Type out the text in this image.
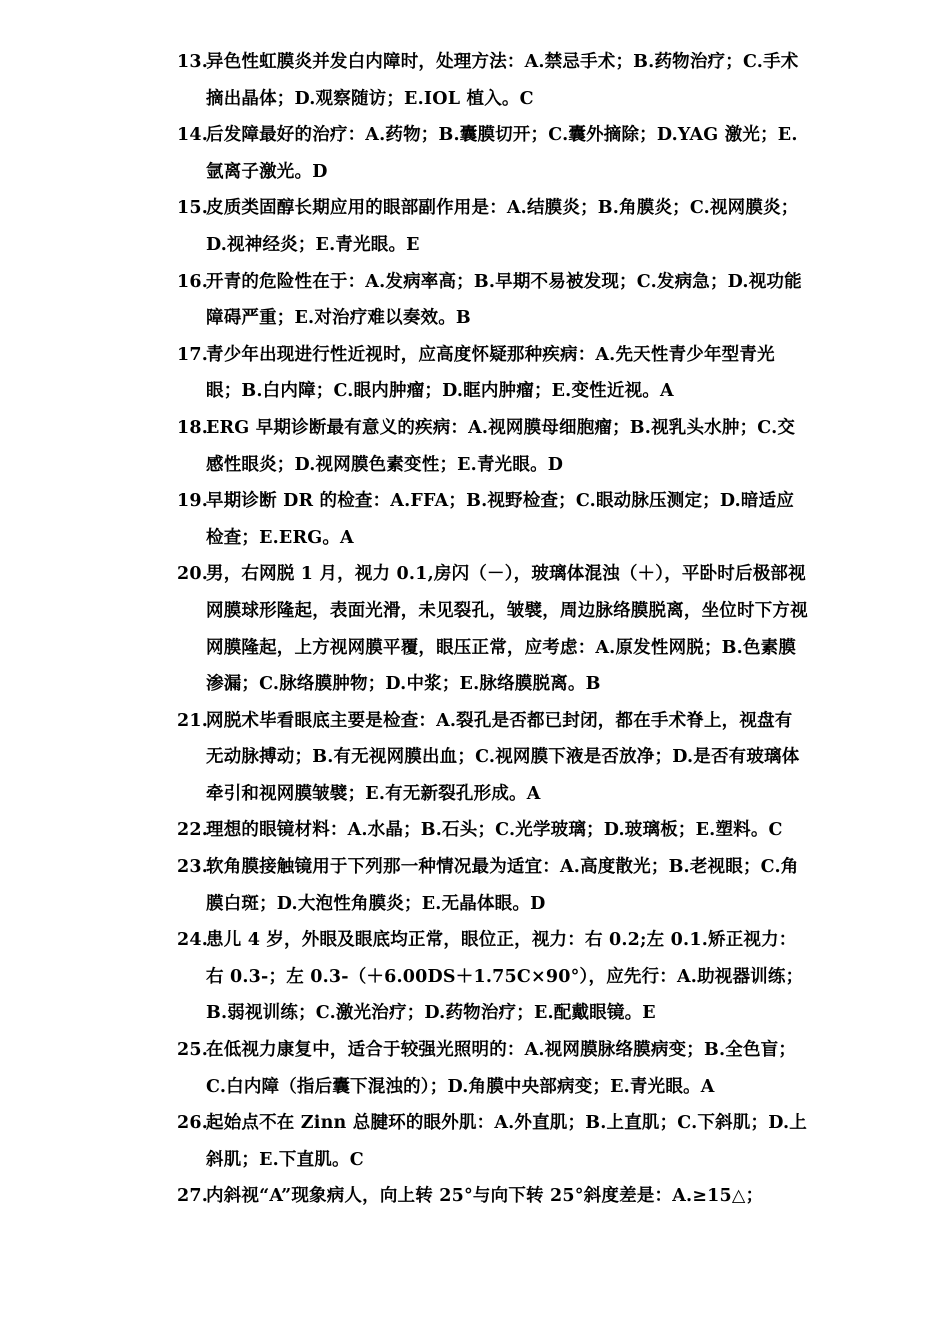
13.
异色性虹膜炎并发白内障时，处理方法：A.禁忌手术；B.药物治疗；C.手术摘出晶体；D.观察随访；E.IOL 植入。C
14.
后发障最好的治疗：A.药物；B.囊膜切开；C.囊外摘除；D.YAG 激光；E.氩离子激光。D
15.
皮质类固醇长期应用的眼部副作用是：A.结膜炎；B.角膜炎；C.视网膜炎；D.视神经炎；E.青光眼。E
16.
开青的危险性在于：A.发病率高；B.早期不易被发现；C.发病急；D.视功能障碍严重；E.对治疗难以奏效。B
17.
青少年出现进行性近视时，应高度怀疑那种疾病：A.先天性青少年型青光眼；B.白内障；C.眼内肿瘤；D.眶内肿瘤；E.变性近视。A
18.
ERG 早期诊断最有意义的疾病：A.视网膜母细胞瘤；B.视乳头水肿；C.交感性眼炎；D.视网膜色素变性；E.青光眼。D
19.
早期诊断 DR 的检查：A.FFA；B.视野检查；C.眼动脉压测定；D.暗适应检查；E.ERG。A
20.
男，右网脱 1 月，视力 0.1,房闪（－），玻璃体混浊（＋），平卧时后极部视网膜球形隆起，表面光滑，未见裂孔，皱襞，周边脉络膜脱离，坐位时下方视网膜隆起，上方视网膜平覆，眼压正常，应考虑：A.原发性网脱；B.色素膜渗漏；C.脉络膜肿物；D.中浆；E.脉络膜脱离。B
21.
网脱术毕看眼底主要是检查：A.裂孔是否都已封闭，都在手术脊上，视盘有无动脉搏动；B.有无视网膜出血；C.视网膜下液是否放净；D.是否有玻璃体牵引和视网膜皱襞；E.有无新裂孔形成。A
22.
理想的眼镜材料：A.水晶；B.石头；C.光学玻璃；D.玻璃板；E.塑料。C
23.
软角膜接触镜用于下列那一种情况最为适宜：A.高度散光；B.老视眼；C.角膜白斑；D.大泡性角膜炎；E.无晶体眼。D
24.
患儿 4 岁，外眼及眼底均正常，眼位正，视力：右 0.2;左 0.1.矫正视力：右 0.3-；左 0.3-（＋6.00DS＋1.75C×90°），应先行：A.助视器训练；B.弱视训练；C.激光治疗；D.药物治疗；E.配戴眼镜。E
25.
在低视力康复中，适合于较强光照明的：A.视网膜脉络膜病变；B.全色盲；C.白内障（指后囊下混浊的）；D.角膜中央部病变；E.青光眼。A
26.
起始点不在 Zinn 总腱环的眼外肌：A.外直肌；B.上直肌；C.下斜肌；D.上斜肌；E.下直肌。C
27.
内斜视“A”现象病人，向上转 25°与向下转 25°斜度差是：A.≥15△；
